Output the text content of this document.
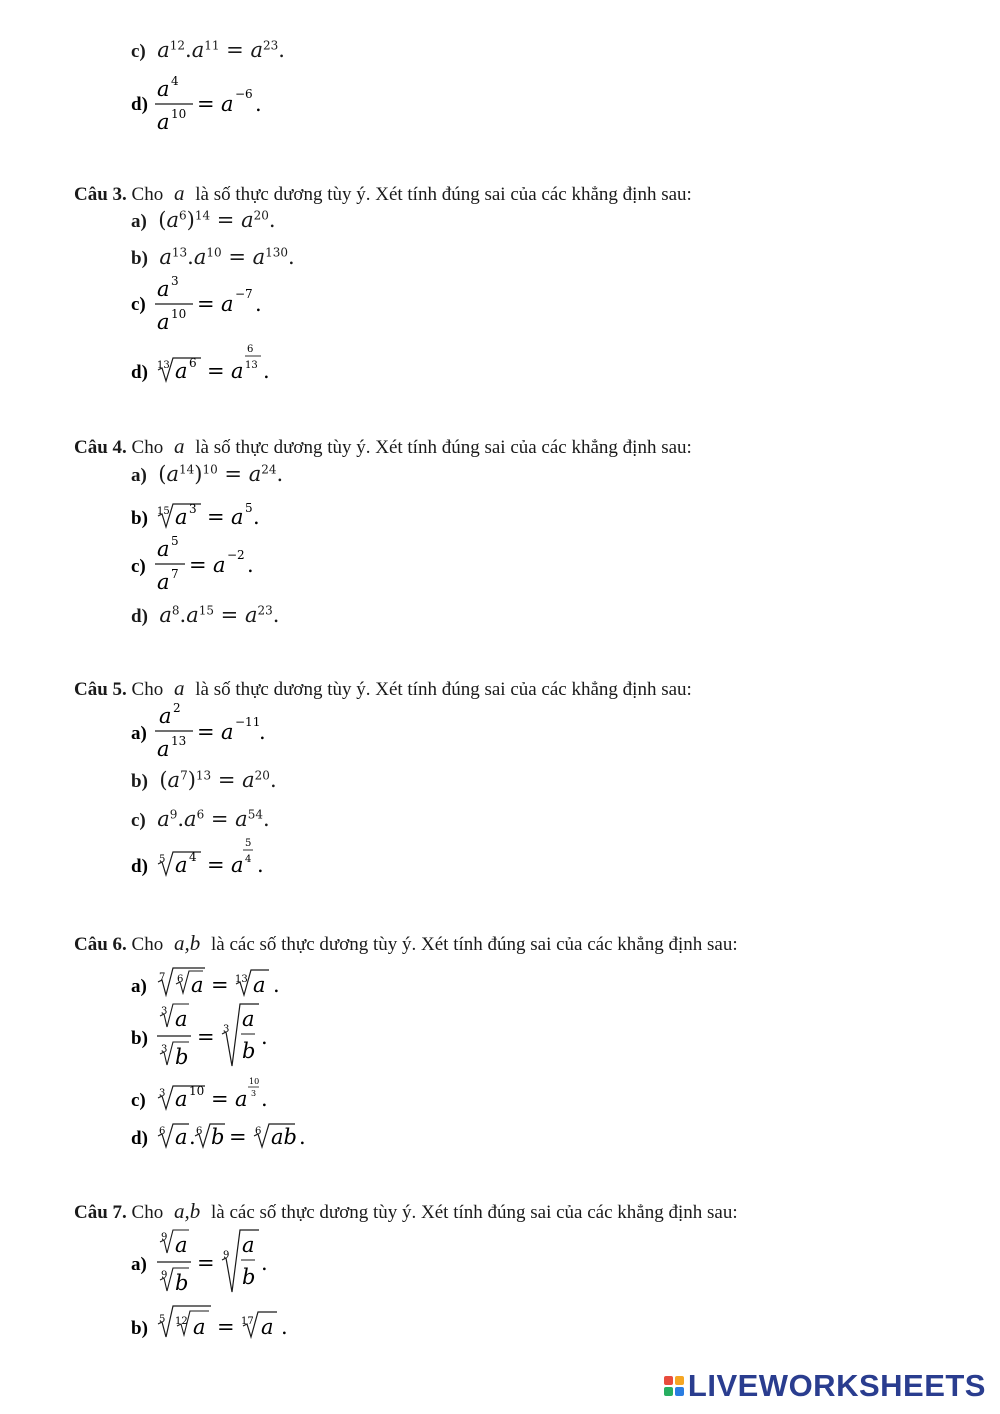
c)  $a^{12}.a^{11} = a^{23}$.
d)
a 4
a 10 = a −6 .
Câu 3. Cho a là số thực dương tùy ý. Xét tính đúng sai của các khẳng định sau:
a)  $(a^6)^{14} = a^{20}$.
b)  $a^{13}.a^{10} = a^{130}$.
c)
a 3
a 10 = a −7 .
d) 13 a 6 = a
6
13 .
Câu 4. Cho a là số thực dương tùy ý. Xét tính đúng sai của các khẳng định sau:
a)  $(a^{14})^{10} = a^{24}$.
b) 15 a 3 = a 5 .
c)
a 5
a 7 = a −2 .
d)  $a^8.a^{15} = a^{23}$.
Câu 5. Cho a là số thực dương tùy ý. Xét tính đúng sai của các khẳng định sau:
a)
a 2
a 13 = a −11
.
b)  $(a^7)^{13} = a^{20}$.
c)  $a^9.a^6 = a^{54}$.
d) 5 a 4 = a
5
4 .
Câu 6. Cho a,b là các số thực dương tùy ý. Xét tính đúng sai của các khẳng định sau:
a) 7 6 a = 13 a .
b)
3 a
3 b
= 3 a
b
.
c) 3 a 10 = a
10
3 .
d) 6 a . 6 b = 6 ab .
Câu 7. Cho a,b là các số thực dương tùy ý. Xét tính đúng sai của các khẳng định sau:
a)
9 a
9 b
= 9 a
b
.
b) 5 12 a = 17 a .
LIVEWORKSHEETS
